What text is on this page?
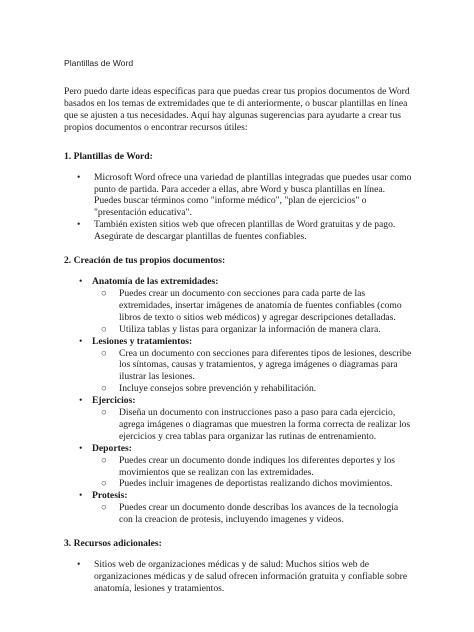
Plantillas de Word

Pero puedo darte ideas específicas para que puedas crear tus propios documentos de Word basados en los temas de extremidades que te di anteriormente, o buscar plantillas en línea que se ajusten a tus necesidades. Aquí hay algunas sugerencias para ayudarte a crear tus propios documentos o encontrar recursos útiles:

1. Plantillas de Word:
• Microsoft Word ofrece una variedad de plantillas integradas que puedes usar como punto de partida. Para acceder a ellas, abre Word y busca plantillas en línea. Puedes buscar términos como "informe médico", "plan de ejercicios" o "presentación educativa".
• También existen sitios web que ofrecen plantillas de Word gratuitas y de pago. Asegúrate de descargar plantillas de fuentes confiables.
2. Creación de tus propios documentos:
• Anatomía de las extremidades:
○ Puedes crear un documento con secciones para cada parte de las extremidades, insertar imágenes de anatomía de fuentes confiables (como libros de texto o sitios web médicos) y agregar descripciones detalladas.
○ Utiliza tablas y listas para organizar la información de manera clara.
• Lesiones y tratamientos:
○ Crea un documento con secciones para diferentes tipos de lesiones, describe los síntomas, causas y tratamientos, y agrega imágenes o diagramas para ilustrar las lesiones.
○ Incluye consejos sobre prevención y rehabilitación.
• Ejercicios:
○ Diseña un documento con instrucciones paso a paso para cada ejercicio, agrega imágenes o diagramas que muestren la forma correcta de realizar los ejercicios y crea tablas para organizar las rutinas de entrenamiento.
• Deportes:
○ Puedes crear un documento donde indiques los diferentes deportes y los movimientos que se realizan con las extremidades.
○ Puedes incluir imagenes de deportistas realizando dichos movimientos.
• Protesis:
○ Puedes crear un documento donde describas los avances de la tecnologia con la creacion de protesis, incluyendo imagenes y videos.
3. Recursos adicionales:
• Sitios web de organizaciones médicas y de salud: Muchos sitios web de organizaciones médicas y de salud ofrecen información gratuita y confiable sobre anatomía, lesiones y tratamientos.
